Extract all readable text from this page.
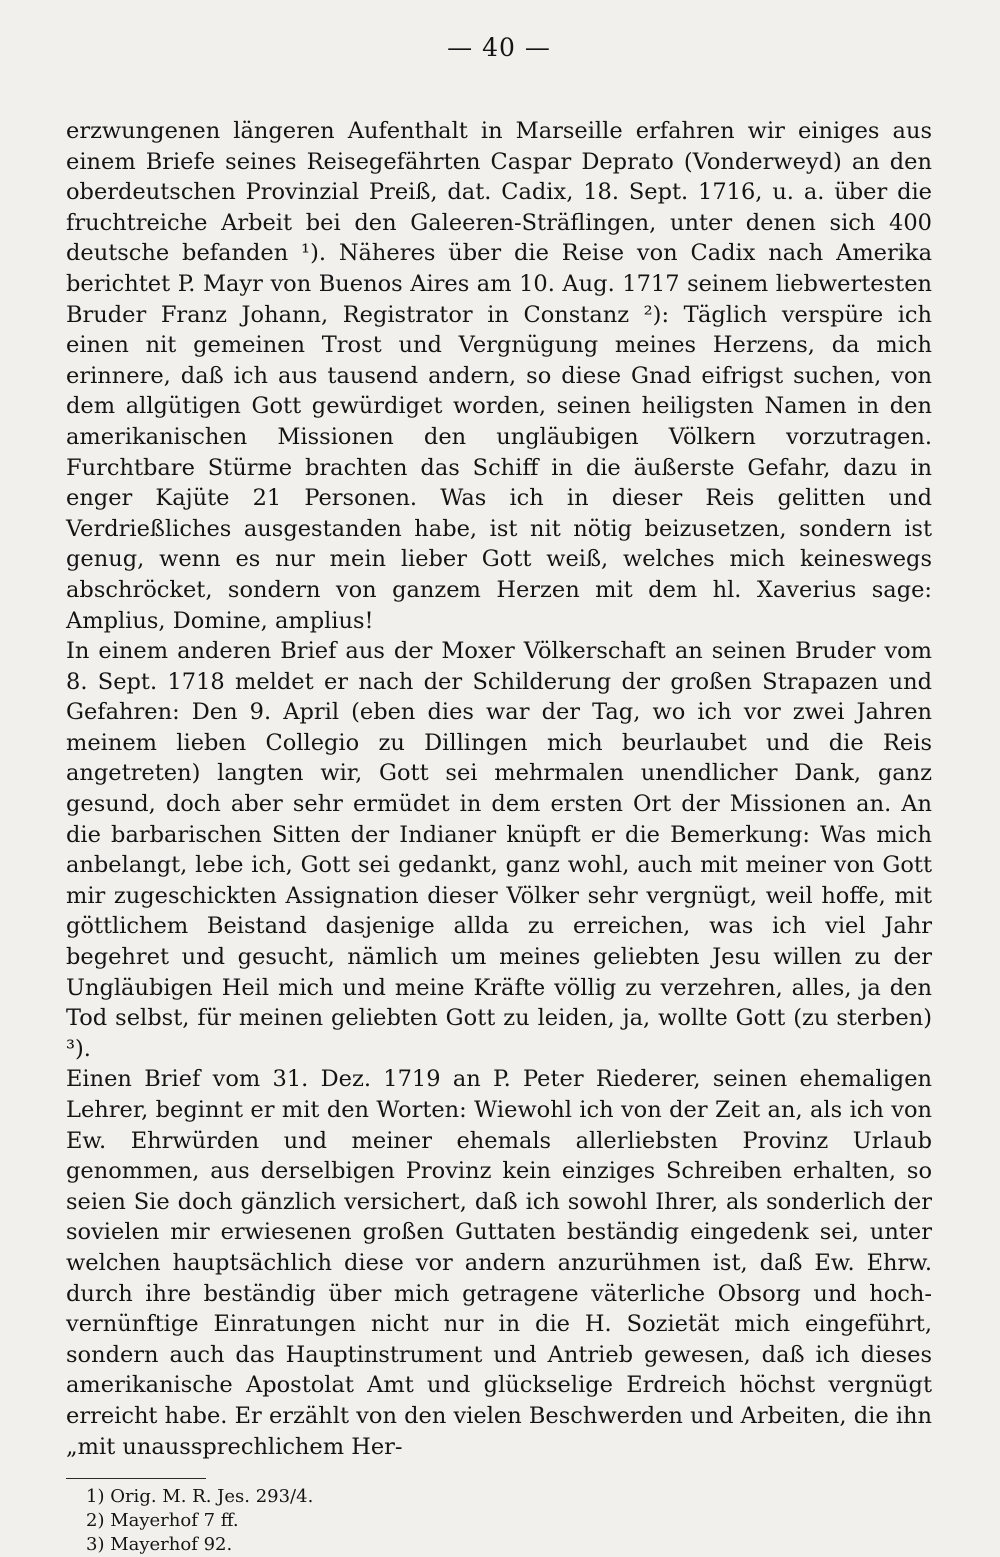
— 40 —

erzwungenen längeren Aufenthalt in Marseille erfahren wir einiges aus einem Briefe seines Reisegefährten Caspar Deprato (Vonderweyd) an den oberdeutschen Provinzial Preiß, dat. Cadix, 18. Sept. 1716, u. a. über die fruchtreiche Arbeit bei den Galeeren-Sträflingen, unter denen sich 400 deutsche befanden ¹). Näheres über die Reise von Cadix nach Amerika berichtet P. Mayr von Buenos Aires am 10. Aug. 1717 seinem liebwertesten Bruder Franz Johann, Registrator in Constanz ²): Täglich verspüre ich einen nit gemeinen Trost und Vergnügung meines Herzens, da mich erinnere, daß ich aus tausend andern, so diese Gnad eifrigst suchen, von dem allgütigen Gott gewürdiget worden, seinen heiligsten Namen in den amerikanischen Missionen den ungläubigen Völkern vorzutragen. Furchtbare Stürme brachten das Schiff in die äußerste Gefahr, dazu in enger Kajüte 21 Personen. Was ich in dieser Reis gelitten und Verdrießliches ausgestanden habe, ist nit nötig beizusetzen, sondern ist genug, wenn es nur mein lieber Gott weiß, welches mich keineswegs abschröcket, sondern von ganzem Herzen mit dem hl. Xaverius sage: Amplius, Domine, amplius!

In einem anderen Brief aus der Moxer Völkerschaft an seinen Bruder vom 8. Sept. 1718 meldet er nach der Schilderung der großen Strapazen und Gefahren: Den 9. April (eben dies war der Tag, wo ich vor zwei Jahren meinem lieben Collegio zu Dillingen mich beurlaubet und die Reis angetreten) langten wir, Gott sei mehrmalen unendlicher Dank, ganz gesund, doch aber sehr ermüdet in dem ersten Ort der Missionen an. An die barbarischen Sitten der Indianer knüpft er die Bemerkung: Was mich anbelangt, lebe ich, Gott sei gedankt, ganz wohl, auch mit meiner von Gott mir zugeschickten Assignation dieser Völker sehr vergnügt, weil hoffe, mit göttlichem Beistand dasjenige allda zu erreichen, was ich viel Jahr begehret und gesucht, nämlich um meines geliebten Jesu willen zu der Ungläubigen Heil mich und meine Kräfte völlig zu verzehren, alles, ja den Tod selbst, für meinen geliebten Gott zu leiden, ja, wollte Gott (zu sterben) ³).

Einen Brief vom 31. Dez. 1719 an P. Peter Riederer, seinen ehemaligen Lehrer, beginnt er mit den Worten: Wiewohl ich von der Zeit an, als ich von Ew. Ehrwürden und meiner ehemals allerliebsten Provinz Urlaub genommen, aus derselbigen Provinz kein einziges Schreiben erhalten, so seien Sie doch gänzlich versichert, daß ich sowohl Ihrer, als sonderlich der sovielen mir erwiesenen großen Guttaten beständig eingedenk sei, unter welchen hauptsächlich diese vor andern anzurühmen ist, daß Ew. Ehrw. durch ihre beständig über mich getragene väterliche Obsorg und hoch-vernünftige Einratungen nicht nur in die H. Sozietät mich eingeführt, sondern auch das Hauptinstrument und Antrieb gewesen, daß ich dieses amerikanische Apostolat Amt und glückselige Erdreich höchst vergnügt erreicht habe. Er erzählt von den vielen Beschwerden und Arbeiten, die ihn „mit unaussprechlichem Her-

1) Orig. M. R. Jes. 293/4.
2) Mayerhof 7 ff.
3) Mayerhof 92.
